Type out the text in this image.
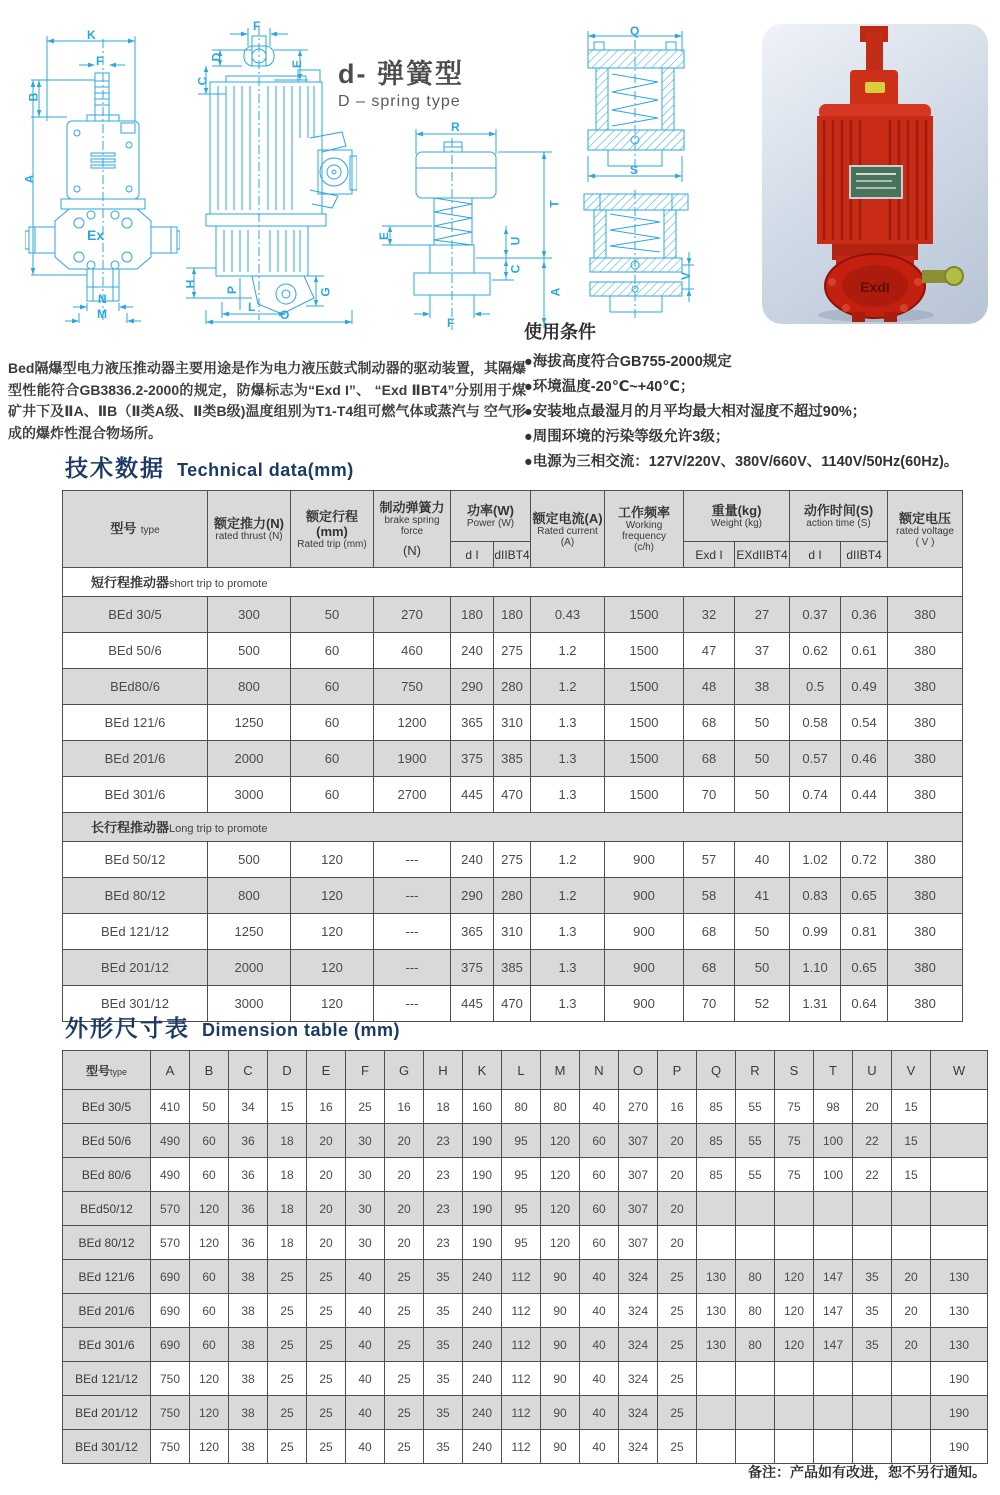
K
F
B
A
Ex
N
M
F
D
E
C
H
P	G
L
O
d- 弹簧型
D – spring type
R
T
E
U
C
A
F
Q
S
V
ExdI
Bed隔爆型电力液压推动器主要用途是作为电力液压鼓式制动器的驱动装置，其隔爆型性能符合GB3836.2-2000的规定，防爆标志为“Exd I”、 “Exd ⅡBT4”分别用于煤矿井下及ⅡA、ⅡB（Ⅱ类A级、Ⅱ类B级)温度组别为T1-T4组可燃气体或蒸汽与 空气形成的爆炸性混合物场所。
使用条件
●海拔高度符合GB755-2000规定
●环境温度-20℃~+40℃；
●安装地点最湿月的月平均最大相对湿度不超过90%；
●周围环境的污染等级允许3级；
●电源为三相交流：127V/220V、380V/660V、1140V/50Hz(60Hz)。
技术数据 Technical data(mm)
型号 type	额定推力(N)
rated thrust (N)	额定行程(mm)
Rated trip (mm)	制动弹簧力
brake spring force
(N)	功率(W)
Power (W)		额定电流(A)
Rated current (A)	工作频率
Working frequency
(c/h)	重量(kg)
Weight (kg)		动作时间(S)
action time (S)		额定电压
rated voltage
( V )

				d I	dIIBT4			Exd I	EXdIIBT4	d I	dIIBT4	
短行程推动器short trip to promote												
BEd 30/5	300	50	270	180	180	0.43	1500	32	27	0.37	0.36	380
BEd 50/6	500	60	460	240	275	1.2	1500	47	37	0.62	0.61	380
BEd80/6	800	60	750	290	280	1.2	1500	48	38	0.5	0.49	380
BEd 121/6	1250	60	1200	365	310	1.3	1500	68	50	0.58	0.54	380
BEd 201/6	2000	60	1900	375	385	1.3	1500	68	50	0.57	0.46	380
BEd 301/6	3000	60	2700	445	470	1.3	1500	70	50	0.74	0.44	380
长行程推动器Long trip to promote												
BEd 50/12	500	120	---	240	275	1.2	900	57	40	1.02	0.72	380
BEd 80/12	800	120	---	290	280	1.2	900	58	41	0.83	0.65	380
BEd 121/12	1250	120	---	365	310	1.3	900	68	50	0.99	0.81	380
BEd 201/12	2000	120	---	375	385	1.3	900	68	50	1.10	0.65	380
BEd 301/12	3000	120	---	445	470	1.3	900	70	52	1.31	0.64	380
外形尺寸表 Dimension table (mm)
型号type	A	B	C	D	E	F	G	H	K	L	M	N	O	P	Q	R	S	T	U	V	W
BEd 30/5	410	50	34	15	16	25	16	18	160	80	80	40	270	16	85	55	75	98	20	15	
BEd 50/6	490	60	36	18	20	30	20	23	190	95	120	60	307	20	85	55	75	100	22	15	
BEd 80/6	490	60	36	18	20	30	20	23	190	95	120	60	307	20	85	55	75	100	22	15	
BEd50/12	570	120	36	18	20	30	20	23	190	95	120	60	307	20							
BEd 80/12	570	120	36	18	20	30	20	23	190	95	120	60	307	20							
BEd 121/6	690	60	38	25	25	40	25	35	240	112	90	40	324	25	130	80	120	147	35	20	130
BEd 201/6	690	60	38	25	25	40	25	35	240	112	90	40	324	25	130	80	120	147	35	20	130
BEd 301/6	690	60	38	25	25	40	25	35	240	112	90	40	324	25	130	80	120	147	35	20	130
BEd 121/12	750	120	38	25	25	40	25	35	240	112	90	40	324	25							190
BEd 201/12	750	120	38	25	25	40	25	35	240	112	90	40	324	25							190
BEd 301/12	750	120	38	25	25	40	25	35	240	112	90	40	324	25							190
备注：产品如有改进，恕不另行通知。
